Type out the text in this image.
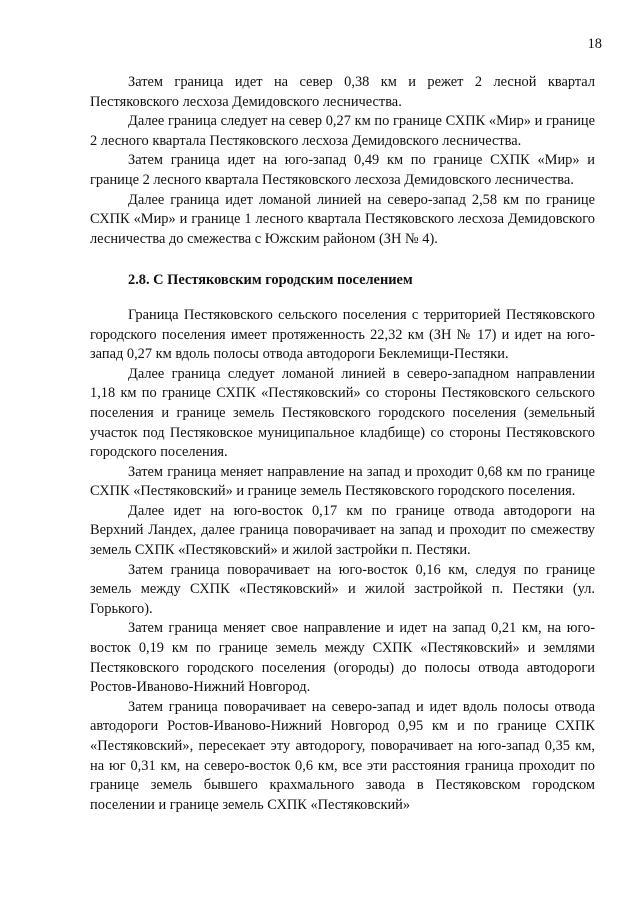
18

Затем граница идет на север 0,38 км и режет 2 лесной квартал Пестяковского лесхоза Демидовского лесничества.

Далее граница следует на север 0,27 км по границе СХПК «Мир» и границе 2 лесного квартала Пестяковского лесхоза Демидовского лесничества.

Затем граница идет на юго-запад 0,49 км по границе СХПК «Мир» и границе 2 лесного квартала Пестяковского лесхоза Демидовского лесничества.

Далее граница идет ломаной линией на северо-запад 2,58 км по границе СХПК «Мир» и границе 1 лесного квартала Пестяковского лесхоза Демидовского лесничества до смежества с Южским районом (ЗН № 4).

2.8. С Пестяковским городским поселением

Граница Пестяковского сельского поселения с территорией Пестяковского городского поселения имеет протяженность 22,32 км (ЗН № 17) и идет на юго-запад 0,27 км вдоль полосы отвода автодороги Беклемищи-Пестяки.

Далее граница следует ломаной линией в северо-западном направлении 1,18 км по границе СХПК «Пестяковский» со стороны Пестяковского сельского поселения и границе земель Пестяковского городского поселения (земельный участок под Пестяковское муниципальное кладбище) со стороны Пестяковского городского поселения.

Затем граница меняет направление на запад и проходит 0,68 км по границе СХПК «Пестяковский» и границе земель Пестяковского городского поселения.

Далее идет на юго-восток 0,17 км по границе отвода автодороги на Верхний Ландех, далее граница поворачивает на запад и проходит по смежеству земель СХПК «Пестяковский» и жилой застройки п. Пестяки.

Затем граница поворачивает на юго-восток 0,16 км, следуя по границе земель между СХПК «Пестяковский» и жилой застройкой п. Пестяки (ул. Горького).

Затем граница меняет свое направление и идет на запад 0,21 км, на юго-восток 0,19 км по границе земель между СХПК «Пестяковский» и землями Пестяковского городского поселения (огороды) до полосы отвода автодороги Ростов-Иваново-Нижний Новгород.

Затем граница поворачивает на северо-запад и идет вдоль полосы отвода автодороги Ростов-Иваново-Нижний Новгород 0,95 км и по границе СХПК «Пестяковский», пересекает эту автодорогу, поворачивает на юго-запад 0,35 км, на юг 0,31 км, на северо-восток 0,6 км, все эти расстояния граница проходит по границе земель бывшего крахмального завода в Пестяковском городском поселении и границе земель СХПК «Пестяковский»
